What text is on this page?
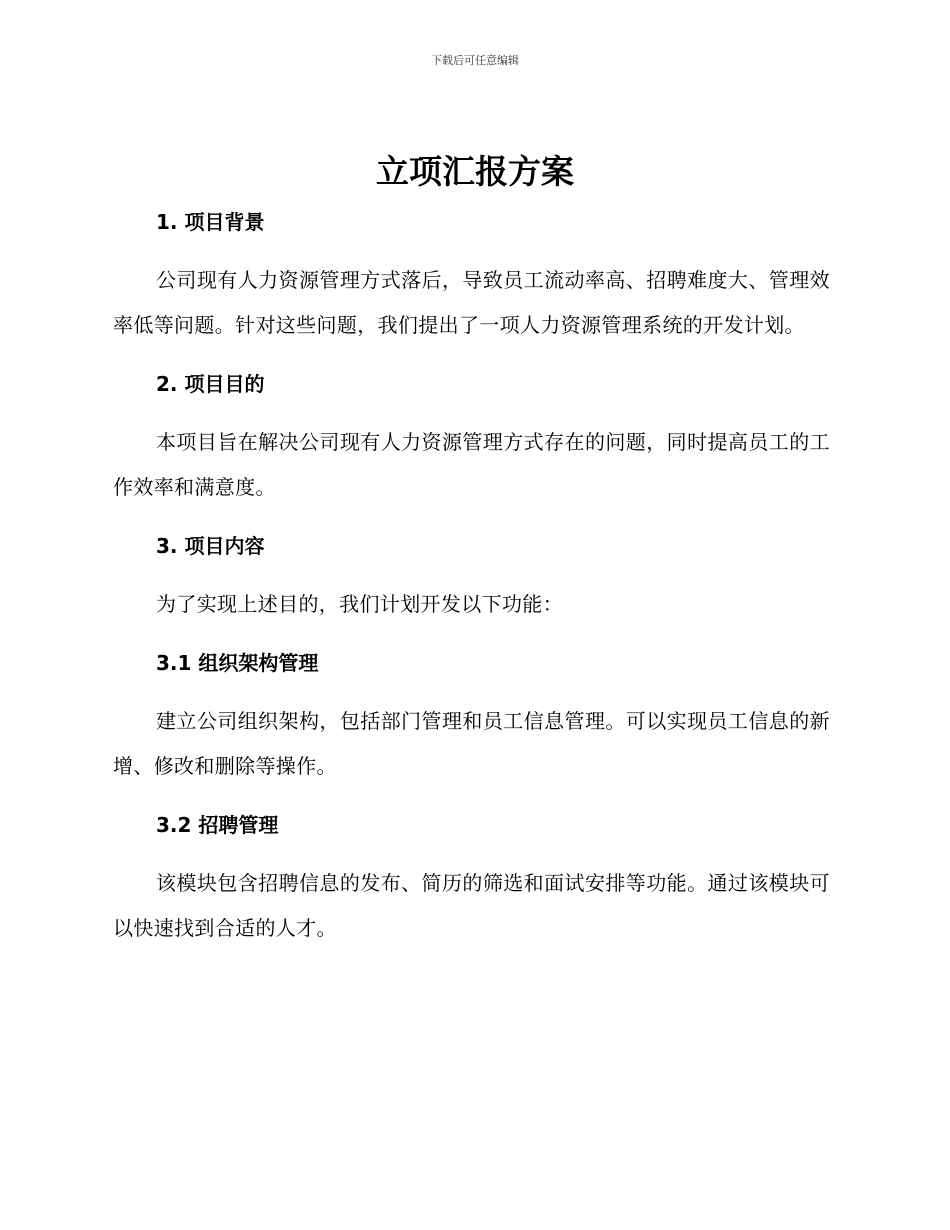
下载后可任意编辑
立项汇报方案
1. 项目背景

公司现有人力资源管理方式落后，导致员工流动率高、招聘难度大、管理效率低等问题。针对这些问题，我们提出了一项人力资源管理系统的开发计划。

2. 项目目的

本项目旨在解决公司现有人力资源管理方式存在的问题，同时提高员工的工作效率和满意度。

3. 项目内容

为了实现上述目的，我们计划开发以下功能：

3.1 组织架构管理

建立公司组织架构，包括部门管理和员工信息管理。可以实现员工信息的新增、修改和删除等操作。

3.2 招聘管理

该模块包含招聘信息的发布、简历的筛选和面试安排等功能。通过该模块可以快速找到合适的人才。
